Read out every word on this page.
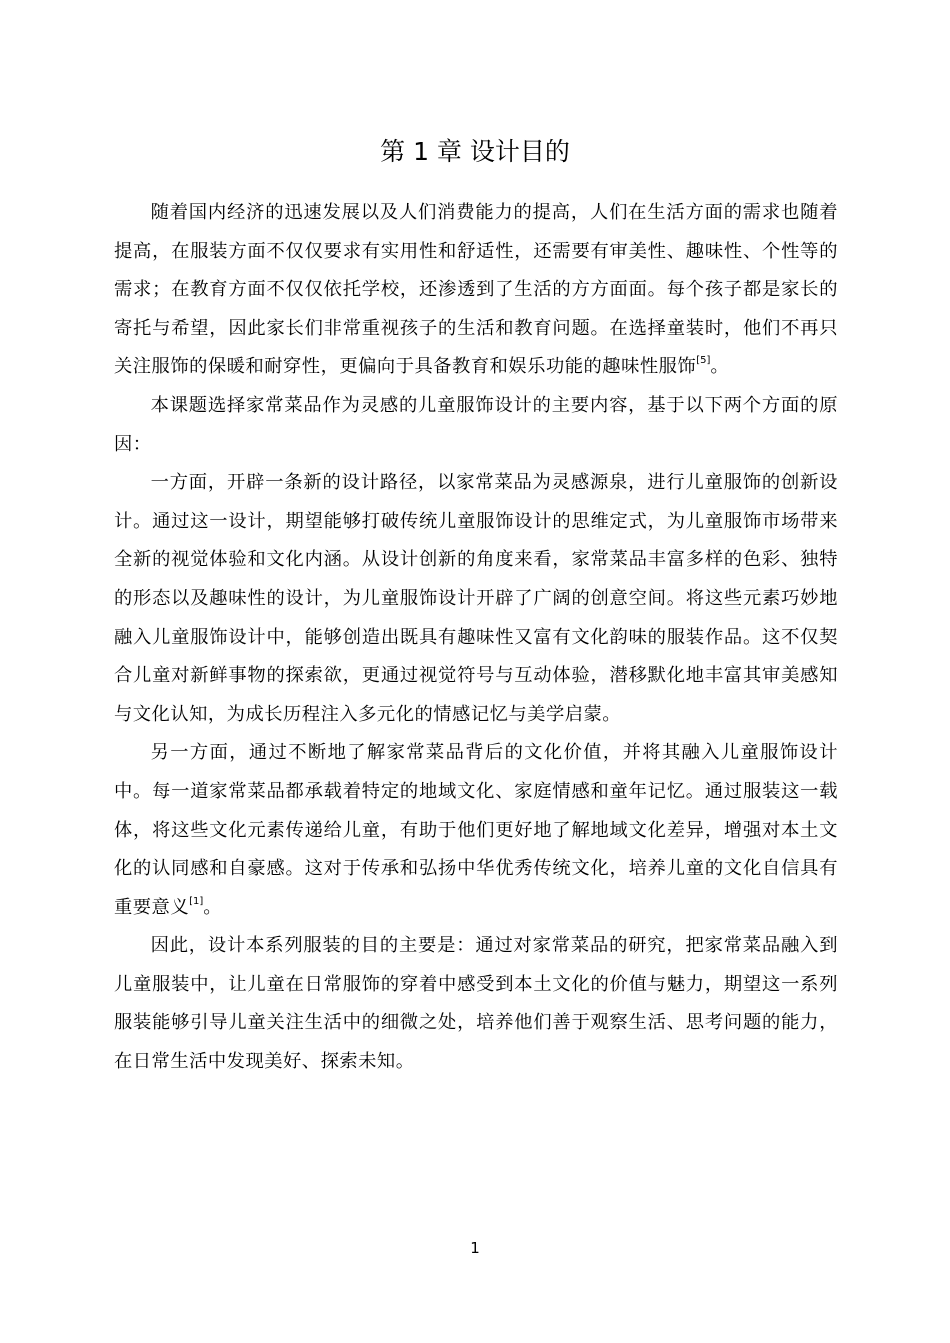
第 1 章 设计目的

随着国内经济的迅速发展以及人们消费能力的提高，人们在生活方面的需求也随着提高，在服装方面不仅仅要求有实用性和舒适性，还需要有审美性、趣味性、个性等的需求；在教育方面不仅仅依托学校，还渗透到了生活的方方面面。每个孩子都是家长的寄托与希望，因此家长们非常重视孩子的生活和教育问题。在选择童装时，他们不再只关注服饰的保暖和耐穿性，更偏向于具备教育和娱乐功能的趣味性服饰[5]。

本课题选择家常菜品作为灵感的儿童服饰设计的主要内容，基于以下两个方面的原因：

一方面，开辟一条新的设计路径，以家常菜品为灵感源泉，进行儿童服饰的创新设计。通过这一设计，期望能够打破传统儿童服饰设计的思维定式，为儿童服饰市场带来全新的视觉体验和文化内涵。从设计创新的角度来看，家常菜品丰富多样的色彩、独特的形态以及趣味性的设计，为儿童服饰设计开辟了广阔的创意空间。将这些元素巧妙地融入儿童服饰设计中，能够创造出既具有趣味性又富有文化韵味的服装作品。这不仅契合儿童对新鲜事物的探索欲，更通过视觉符号与互动体验，潜移默化地丰富其审美感知与文化认知，为成长历程注入多元化的情感记忆与美学启蒙。

另一方面，通过不断地了解家常菜品背后的文化价值，并将其融入儿童服饰设计中。每一道家常菜品都承载着特定的地域文化、家庭情感和童年记忆。通过服装这一载体，将这些文化元素传递给儿童，有助于他们更好地了解地域文化差异，增强对本土文化的认同感和自豪感。这对于传承和弘扬中华优秀传统文化，培养儿童的文化自信具有重要意义[1]。

因此，设计本系列服装的目的主要是：通过对家常菜品的研究，把家常菜品融入到儿童服装中，让儿童在日常服饰的穿着中感受到本土文化的价值与魅力，期望这一系列服装能够引导儿童关注生活中的细微之处，培养他们善于观察生活、思考问题的能力，在日常生活中发现美好、探索未知。

1
